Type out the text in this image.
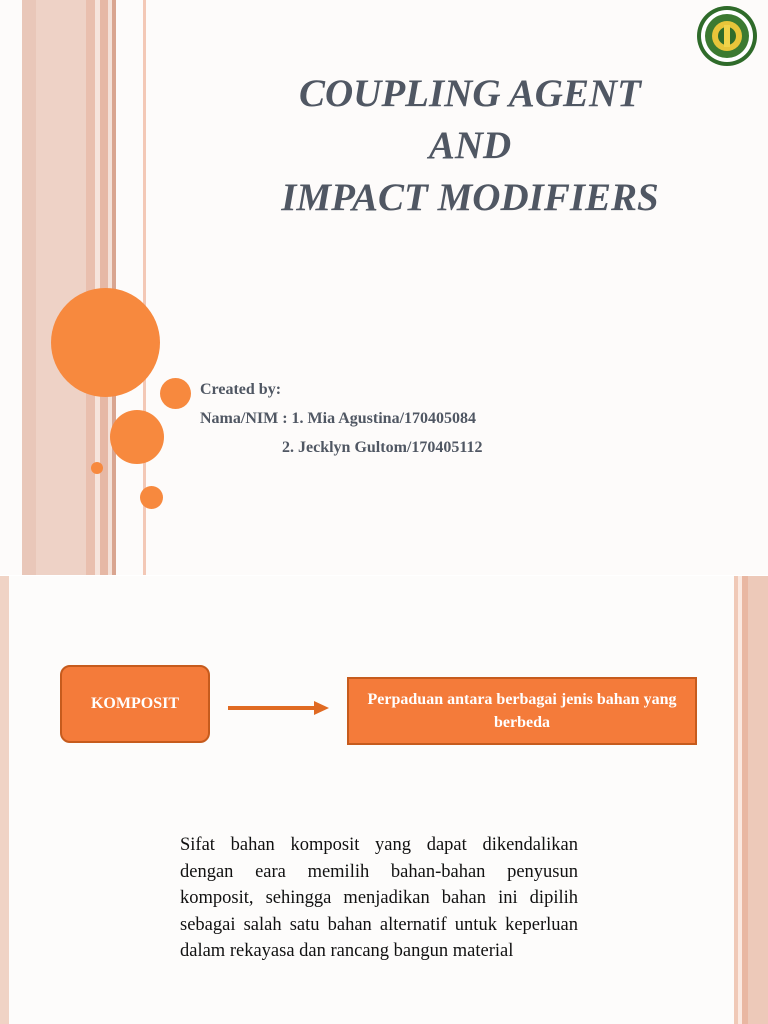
COUPLING AGENT
AND
IMPACT MODIFIERS
Created by:
Nama/NIM : 1. Mia Agustina/170405084
2. Jecklyn Gultom/170405112
KOMPOSIT	Perpaduan antara berbagai jenis bahan yang berbeda

Sifat bahan komposit yang dapat dikendalikan dengan eara memilih bahan-bahan penyusun komposit, sehingga menjadikan bahan ini dipilih sebagai salah satu bahan alternatif untuk keperluan dalam rekayasa dan rancang bangun material
